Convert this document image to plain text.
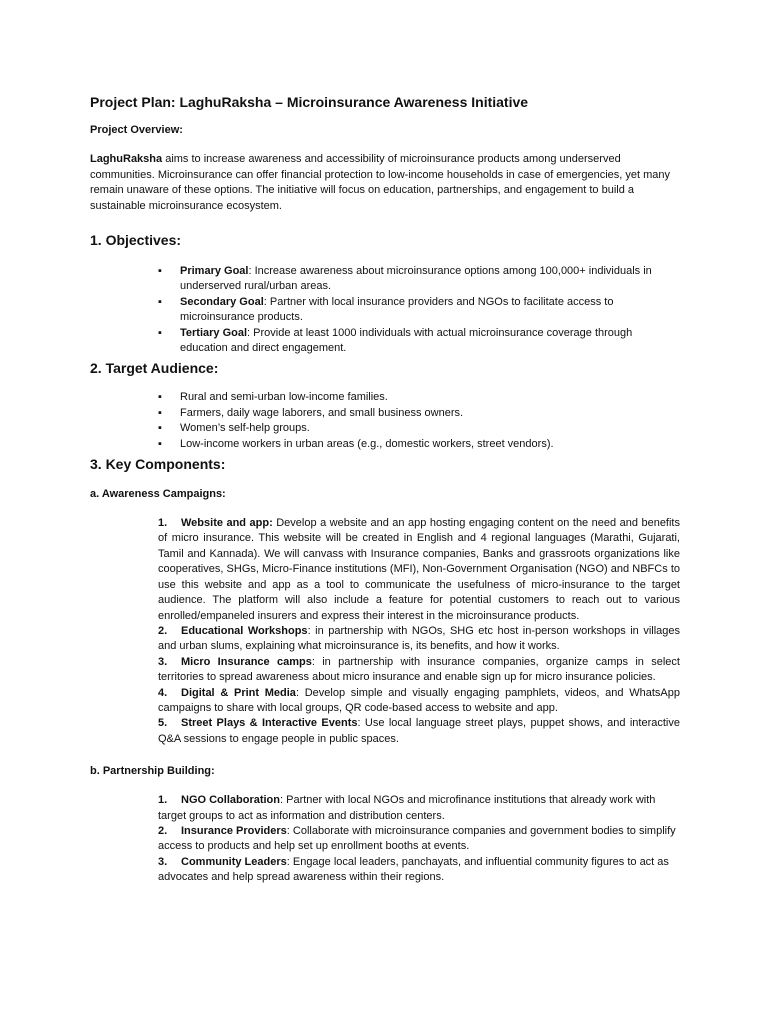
Project Plan: LaghuRaksha – Microinsurance Awareness Initiative

Project Overview:

LaghuRaksha aims to increase awareness and accessibility of microinsurance products among underserved communities. Microinsurance can offer financial protection to low-income households in case of emergencies, yet many remain unaware of these options. The initiative will focus on education, partnerships, and engagement to build a sustainable microinsurance ecosystem.

1. Objectives:
▪ Primary Goal: Increase awareness about microinsurance options among 100,000+ individuals in underserved rural/urban areas.
▪ Secondary Goal: Partner with local insurance providers and NGOs to facilitate access to microinsurance products.
▪ Tertiary Goal: Provide at least 1000 individuals with actual microinsurance coverage through education and direct engagement.
2. Target Audience:
▪ Rural and semi-urban low-income families.
▪ Farmers, daily wage laborers, and small business owners.
▪ Women’s self-help groups.
▪ Low-income workers in urban areas (e.g., domestic workers, street vendors).
3. Key Components:
a. Awareness Campaigns:
1. Website and app: Develop a website and an app hosting engaging content on the need and benefits of micro insurance. This website will be created in English and 4 regional languages (Marathi, Gujarati, Tamil and Kannada). We will canvass with Insurance companies, Banks and grassroots organizations like cooperatives, SHGs, Micro-Finance institutions (MFI), Non-Government Organisation (NGO) and NBFCs to use this website and app as a tool to communicate the usefulness of micro-insurance to the target audience. The platform will also include a feature for potential customers to reach out to various enrolled/empaneled insurers and express their interest in the microinsurance products.
2. Educational Workshops: in partnership with NGOs, SHG etc host in-person workshops in villages and urban slums, explaining what microinsurance is, its benefits, and how it works.
3. Micro Insurance camps: in partnership with insurance companies, organize camps in select territories to spread awareness about micro insurance and enable sign up for micro insurance policies.
4. Digital & Print Media: Develop simple and visually engaging pamphlets, videos, and WhatsApp campaigns to share with local groups, QR code-based access to website and app.
5. Street Plays & Interactive Events: Use local language street plays, puppet shows, and interactive Q&A sessions to engage people in public spaces.
b. Partnership Building:
1. NGO Collaboration: Partner with local NGOs and microfinance institutions that already work with target groups to act as information and distribution centers.
2. Insurance Providers: Collaborate with microinsurance companies and government bodies to simplify access to products and help set up enrollment booths at events.
3. Community Leaders: Engage local leaders, panchayats, and influential community figures to act as advocates and help spread awareness within their regions.
